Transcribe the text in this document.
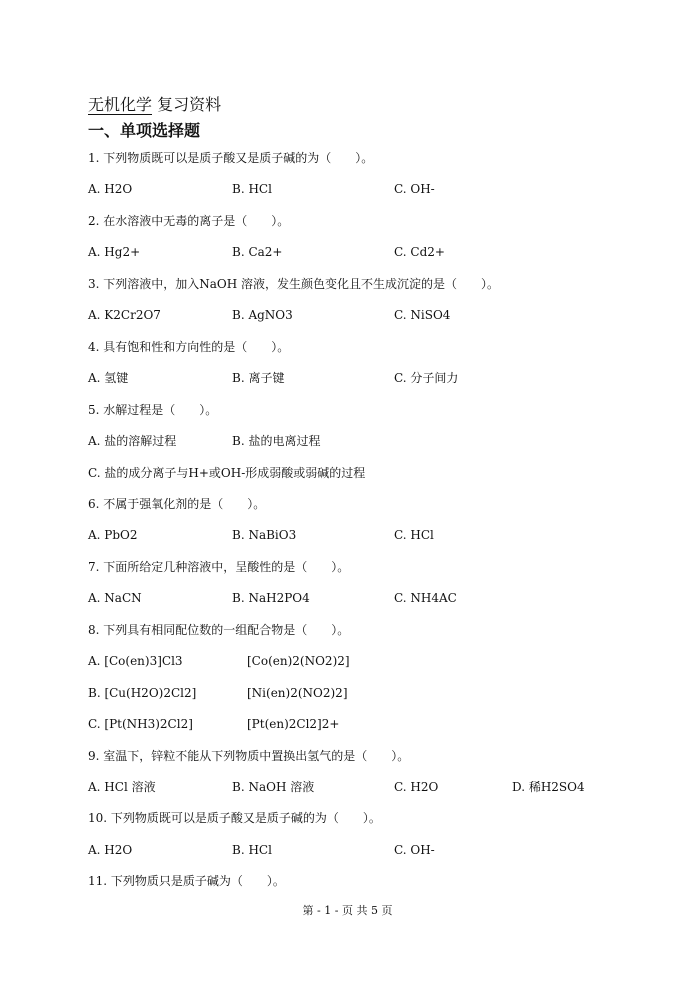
无机化学 复习资料
一、单项选择题
1. 下列物质既可以是质子酸又是质子碱的为（　　）。
A. H2O	B. HCl	C. OH-
2. 在水溶液中无毒的离子是（　　）。
A. Hg2+	B. Ca2+	C. Cd2+
3. 下列溶液中，加入NaOH 溶液，发生颜色变化且不生成沉淀的是（　　）。
A. K2Cr2O7	B. AgNO3	C. NiSO4
4. 具有饱和性和方向性的是（　　）。
A. 氢键	B. 离子键	C. 分子间力
5. 水解过程是（　　）。
A. 盐的溶解过程	B. 盐的电离过程
C. 盐的成分离子与H+或OH-形成弱酸或弱碱的过程
6. 不属于强氧化剂的是（　　）。
A. PbO2	B. NaBiO3	C. HCl
7. 下面所给定几种溶液中，呈酸性的是（　　）。
A. NaCN	B. NaH2PO4	C. NH4AC
8. 下列具有相同配位数的一组配合物是（　　）。
A. [Co(en)3]Cl3	[Co(en)2(NO2)2]
B. [Cu(H2O)2Cl2]	[Ni(en)2(NO2)2]
C. [Pt(NH3)2Cl2]	[Pt(en)2Cl2]2+
9. 室温下，锌粒不能从下列物质中置换出氢气的是（　　）。
A. HCl 溶液	B. NaOH 溶液	C. H2O	D. 稀H2SO4
10. 下列物质既可以是质子酸又是质子碱的为（　　）。
A. H2O	B. HCl	C. OH-
11. 下列物质只是质子碱为（　　）。
第 - 1 - 页 共 5 页
